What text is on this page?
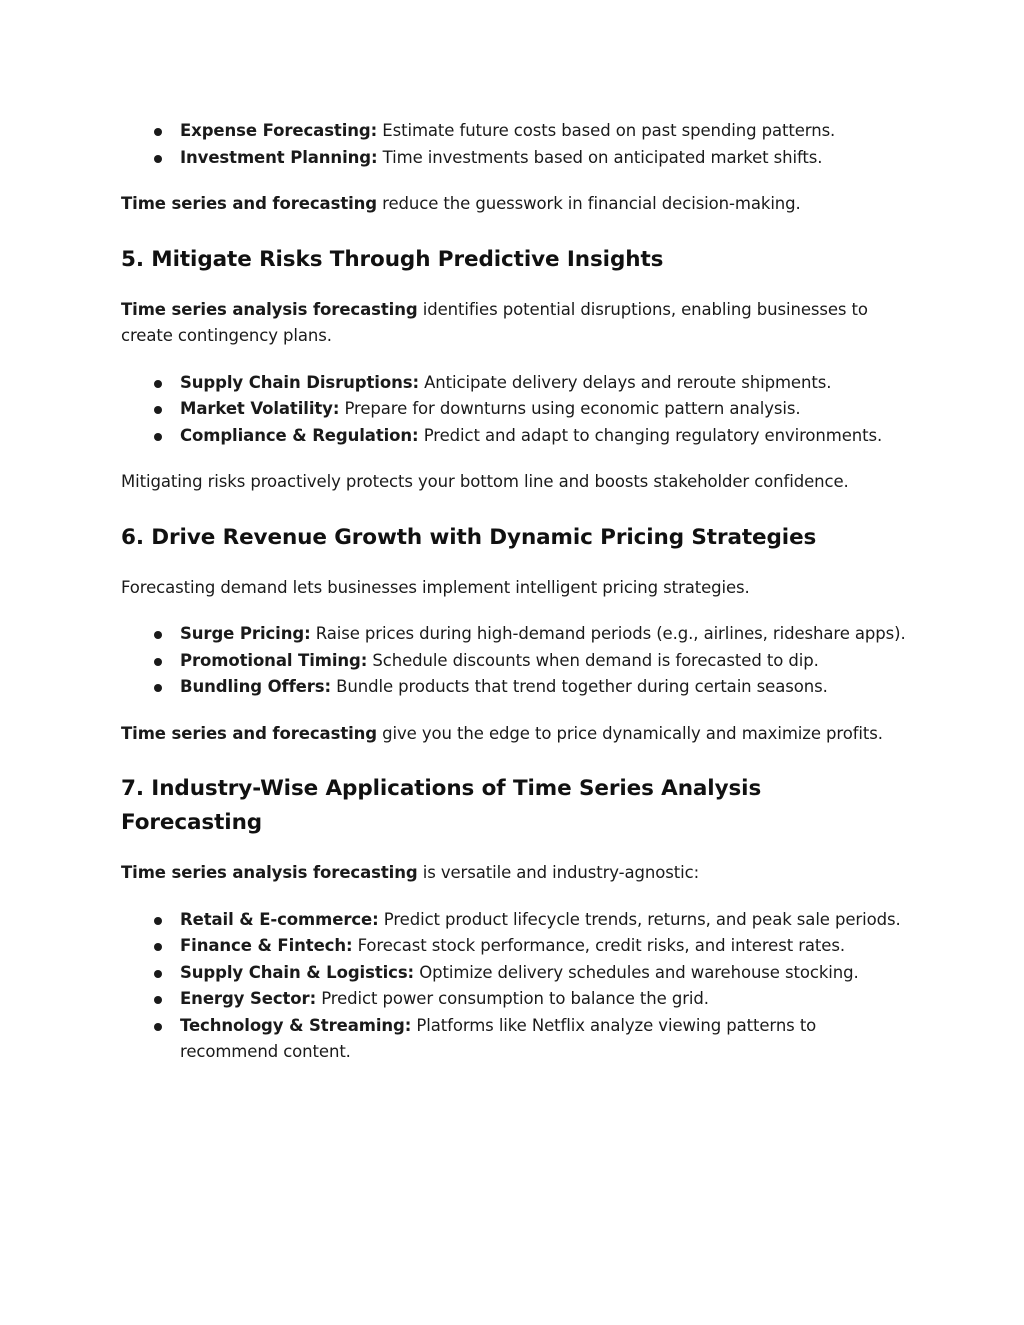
Expense Forecasting: Estimate future costs based on past spending patterns.
Investment Planning: Time investments based on anticipated market shifts.

Time series and forecasting reduce the guesswork in financial decision-making.

5. Mitigate Risks Through Predictive Insights

Time series analysis forecasting identifies potential disruptions, enabling businesses to create contingency plans.

Supply Chain Disruptions: Anticipate delivery delays and reroute shipments.
Market Volatility: Prepare for downturns using economic pattern analysis.
Compliance & Regulation: Predict and adapt to changing regulatory environments.

Mitigating risks proactively protects your bottom line and boosts stakeholder confidence.

6. Drive Revenue Growth with Dynamic Pricing Strategies

Forecasting demand lets businesses implement intelligent pricing strategies.

Surge Pricing: Raise prices during high-demand periods (e.g., airlines, rideshare apps).
Promotional Timing: Schedule discounts when demand is forecasted to dip.
Bundling Offers: Bundle products that trend together during certain seasons.

Time series and forecasting give you the edge to price dynamically and maximize profits.

7. Industry-Wise Applications of Time Series Analysis Forecasting

Time series analysis forecasting is versatile and industry-agnostic:

Retail & E-commerce: Predict product lifecycle trends, returns, and peak sale periods.
Finance & Fintech: Forecast stock performance, credit risks, and interest rates.
Supply Chain & Logistics: Optimize delivery schedules and warehouse stocking.
Energy Sector: Predict power consumption to balance the grid.
Technology & Streaming: Platforms like Netflix analyze viewing patterns to recommend content.
